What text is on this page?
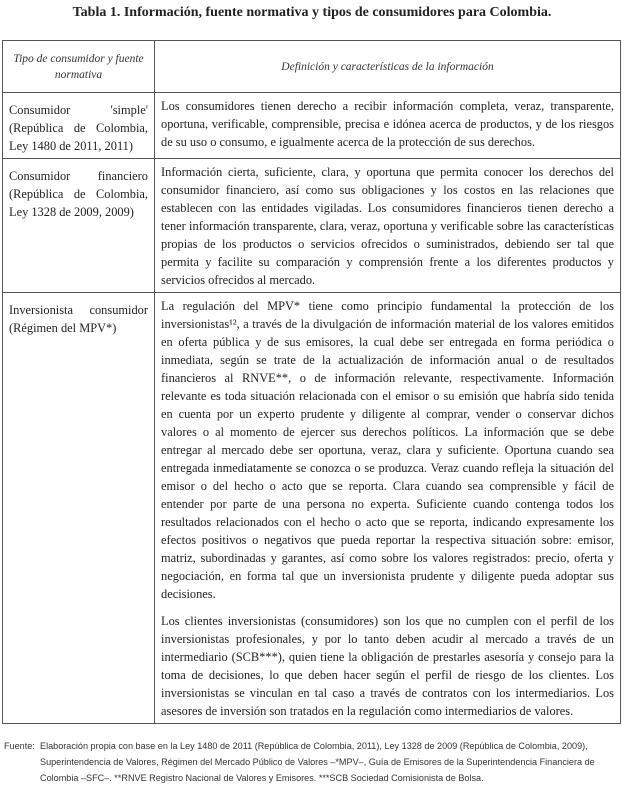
Tabla 1. Información, fuente normativa y tipos de consumidores para Colombia.
Tipo de consumidor y fuente normativa	Definición y características de la información
Consumidor 'simple' (República de Colombia, Ley 1480 de 2011, 2011)	Los consumidores tienen derecho a recibir información completa, veraz, transparente, oportuna, verificable, comprensible, precisa e idónea acerca de productos, y de los riesgos de su uso o consumo, e igualmente acerca de la protección de sus derechos.

Consumidor financiero (República de Colombia, Ley 1328 de 2009, 2009)	Información cierta, suficiente, clara, y oportuna que permita conocer los derechos del consumidor financiero, así como sus obligaciones y los costos en las relaciones que establecen con las entidades vigiladas. Los consumidores financieros tienen derecho a tener información transparente, clara, veraz, oportuna y verificable sobre las características propias de los productos o servicios ofrecidos o suministrados, debiendo ser tal que permita y facilite su comparación y comprensión frente a los diferentes productos y servicios ofrecidos al mercado.

Inversionista consumidor (Régimen del MPV*)	La regulación del MPV* tiene como principio fundamental la protección de los inversionistas¹², a través de la divulgación de información material de los valores emitidos en oferta pública y de sus emisores, la cual debe ser entregada en forma periódica o inmediata, según se trate de la actualización de información anual o de resultados financieros al RNVE**, o de información relevante, respectivamente. Información relevante es toda situación relacionada con el emisor o su emisión que habría sido tenida en cuenta por un experto prudente y diligente al comprar, vender o conservar dichos valores o al momento de ejercer sus derechos políticos. La información que se debe entregar al mercado debe ser oportuna, veraz, clara y suficiente. Oportuna cuando sea entregada inmediatamente se conozca o se produzca. Veraz cuando refleja la situación del emisor o del hecho o acto que se reporta. Clara cuando sea comprensible y fácil de entender por parte de una persona no experta. Suficiente cuando contenga todos los resultados relacionados con el hecho o acto que se reporta, indicando expresamente los efectos positivos o negativos que pueda reportar la respectiva situación sobre: emisor, matriz, subordinadas y garantes, así como sobre los valores registrados: precio, oferta y negociación, en forma tal que un inversionista prudente y diligente pueda adoptar sus decisiones.

Los clientes inversionistas (consumidores) son los que no cumplen con el perfil de los inversionistas profesionales, y por lo tanto deben acudir al mercado a través de un intermediario (SCB***), quien tiene la obligación de prestarles asesoría y consejo para la toma de decisiones, lo que deben hacer según el perfil de riesgo de los clientes. Los inversionistas se vinculan en tal caso a través de contratos con los intermediarios. Los asesores de inversión son tratados en la regulación como intermediarios de valores.

Fuente: Elaboración propia con base en la Ley 1480 de 2011 (República de Colombia, 2011), Ley 1328 de 2009 (República de Colombia, 2009), Superintendencia de Valores, Régimen del Mercado Público de Valores –*MPV–, Guía de Emisores de la Superintendencia Financiera de Colombia –SFC–. **RNVE Registro Nacional de Valores y Emisores. ***SCB Sociedad Comisionista de Bolsa.
